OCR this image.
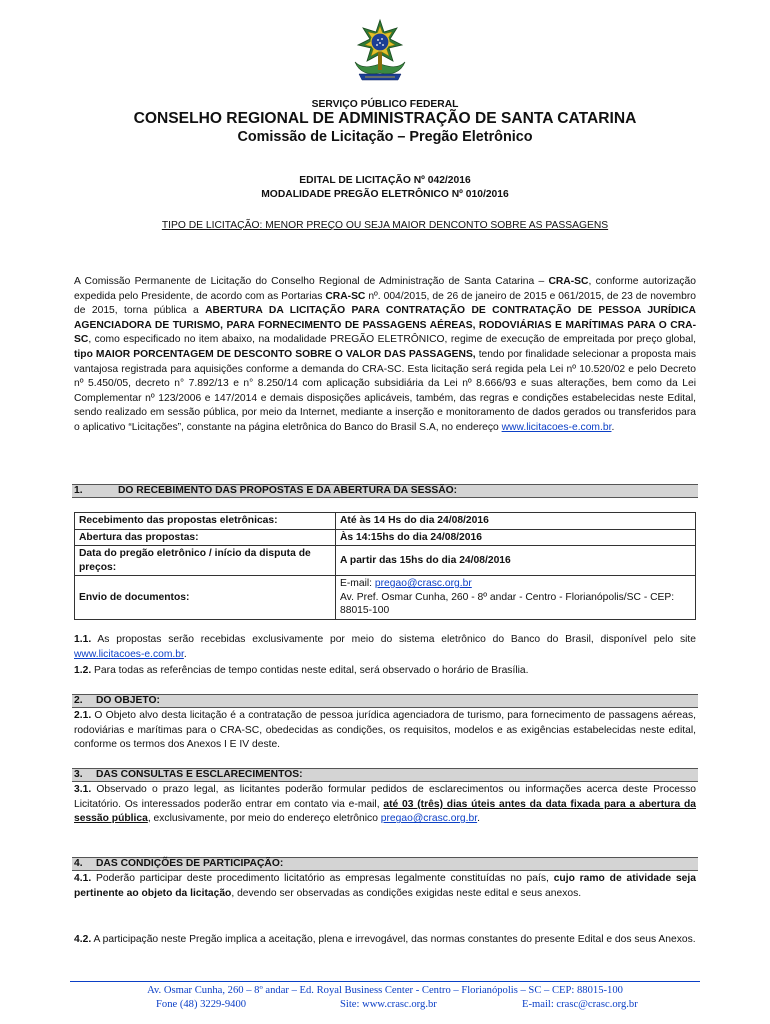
SERVIÇO PÚBLICO FEDERAL
CONSELHO REGIONAL DE ADMINISTRAÇÃO DE SANTA CATARINA
Comissão de Licitação – Pregão Eletrônico
EDITAL DE LICITAÇÃO Nº 042/2016
MODALIDADE PREGÃO ELETRÔNICO Nº 010/2016
TIPO DE LICITAÇÃO: MENOR PREÇO OU SEJA MAIOR DENCONTO SOBRE AS PASSAGENS

A Comissão Permanente de Licitação do Conselho Regional de Administração de Santa Catarina – CRA-SC, conforme autorização expedida pelo Presidente, de acordo com as Portarias CRA-SC nº. 004/2015, de 26 de janeiro de 2015 e 061/2015, de 23 de novembro de 2015, torna pública a ABERTURA DA LICITAÇÃO PARA CONTRATAÇÃO DE CONTRATAÇÃO DE PESSOA JURÍDICA AGENCIADORA DE TURISMO, PARA FORNECIMENTO DE PASSAGENS AÉREAS, RODOVIÁRIAS E MARÍTIMAS PARA O CRA-SC, como especificado no item abaixo, na modalidade PREGÃO ELETRÔNICO, regime de execução de empreitada por preço global, tipo MAIOR PORCENTAGEM DE DESCONTO SOBRE O VALOR DAS PASSAGENS, tendo por finalidade selecionar a proposta mais vantajosa registrada para aquisições conforme a demanda do CRA-SC. Esta licitação será regida pela Lei nº 10.520/02 e pelo Decreto nº 5.450/05, decreto n° 7.892/13 e n° 8.250/14 com aplicação subsidiária da Lei nº 8.666/93 e suas alterações, bem como da Lei Complementar nº 123/2006 e 147/2014 e demais disposições aplicáveis, também, das regras e condições estabelecidas neste Edital, sendo realizado em sessão pública, por meio da Internet, mediante a inserção e monitoramento de dados gerados ou transferidos para o aplicativo “Licitações”, constante na página eletrônica do Banco do Brasil S.A, no endereço www.licitacoes-e.com.br.

1.	DO RECEBIMENTO DAS PROPOSTAS E DA ABERTURA DA SESSÃO:
Recebimento das propostas eletrônicas:	Até às 14 Hs do dia 24/08/2016
Abertura das propostas:	Às 14:15hs do dia 24/08/2016
Data do pregão eletrônico / início da disputa de preços:	A partir das 15hs do dia 24/08/2016
Envio de documentos:	E-mail: pregao@crasc.org.br
Av. Pref. Osmar Cunha, 260 - 8º andar - Centro - Florianópolis/SC - CEP: 88015-100

1.1. As propostas serão recebidas exclusivamente por meio do sistema eletrônico do Banco do Brasil, disponível pelo site www.licitacoes-e.com.br.

1.2. Para todas as referências de tempo contidas neste edital, será observado o horário de Brasília.

2. DO OBJETO:

2.1. O Objeto alvo desta licitação é a contratação de pessoa jurídica agenciadora de turismo, para fornecimento de passagens aéreas, rodoviárias e marítimas para o CRA-SC, obedecidas as condições, os requisitos, modelos e as exigências estabelecidas neste edital, conforme os termos dos Anexos I E IV deste.

3. DAS CONSULTAS E ESCLARECIMENTOS:

3.1. Observado o prazo legal, as licitantes poderão formular pedidos de esclarecimentos ou informações acerca deste Processo Licitatório. Os interessados poderão entrar em contato via e-mail, até 03 (três) dias úteis antes da data fixada para a abertura da sessão pública, exclusivamente, por meio do endereço eletrônico pregao@crasc.org.br.

4. DAS CONDIÇÕES DE PARTICIPAÇÃO:

4.1. Poderão participar deste procedimento licitatório as empresas legalmente constituídas no país, cujo ramo de atividade seja pertinente ao objeto da licitação, devendo ser observadas as condições exigidas neste edital e seus anexos.

4.2. A participação neste Pregão implica a aceitação, plena e irrevogável, das normas constantes do presente Edital e dos seus Anexos.

Av. Osmar Cunha, 260 – 8º andar – Ed. Royal Business Center - Centro – Florianópolis – SC – CEP: 88015-100
Fone (48) 3229-9400	Site: www.crasc.org.br	E-mail: crasc@crasc.org.br
